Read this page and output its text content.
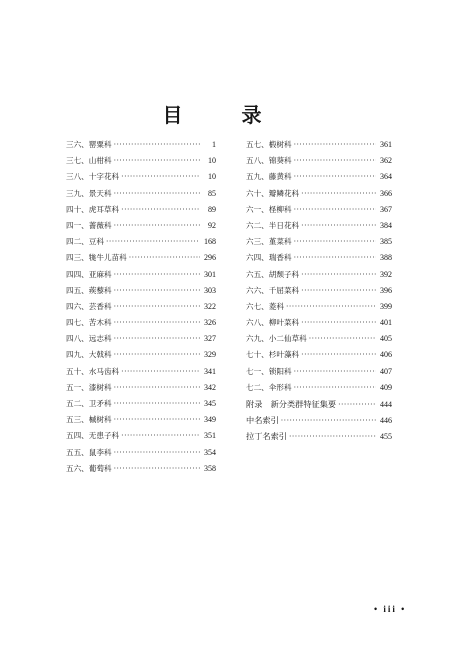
目 录
三六、罂粟科 ·····	1
三七、山柑科 ·····	10
三八、十字花科 ·····	10
三九、景天科 ·····	85
四十、虎耳草科 ·····	89
四一、蔷薇科 ·····	92
四二、豆科 ·····	168
四三、牻牛儿苗科 ·····	296
四四、亚麻科 ·····	301
四五、蒺藜科 ·····	303
四六、芸香科 ·····	322
四七、苦木科 ·····	326
四八、远志科 ·····	327
四九、大戟科 ·····	329
五十、水马齿科 ·····	341
五一、漆树科 ·····	342
五二、卫矛科 ·····	345
五三、槭树科 ·····	349
五四、无患子科 ·····	351
五五、鼠李科 ·····	354
五六、葡萄科 ·····	358
五七、椴树科 ·····	361
五八、锦葵科 ·····	362
五九、藤黄科 ·····	364
六十、瓣鳞花科 ·····	366
六一、柽柳科 ·····	367
六二、半日花科 ·····	384
六三、堇菜科 ·····	385
六四、瑞香科 ·····	388
六五、胡颓子科 ·····	392
六六、千屈菜科 ·····	396
六七、菱科 ·····	399
六八、柳叶菜科 ·····	401
六九、小二仙草科 ·····	405
七十、杉叶藻科 ·····	406
七一、锁阳科 ·····	407
七二、伞形科 ·····	409
附录　新分类群特征集要 ·····	444
中名索引 ·····	446
拉丁名索引 ·····	455
• iii •
